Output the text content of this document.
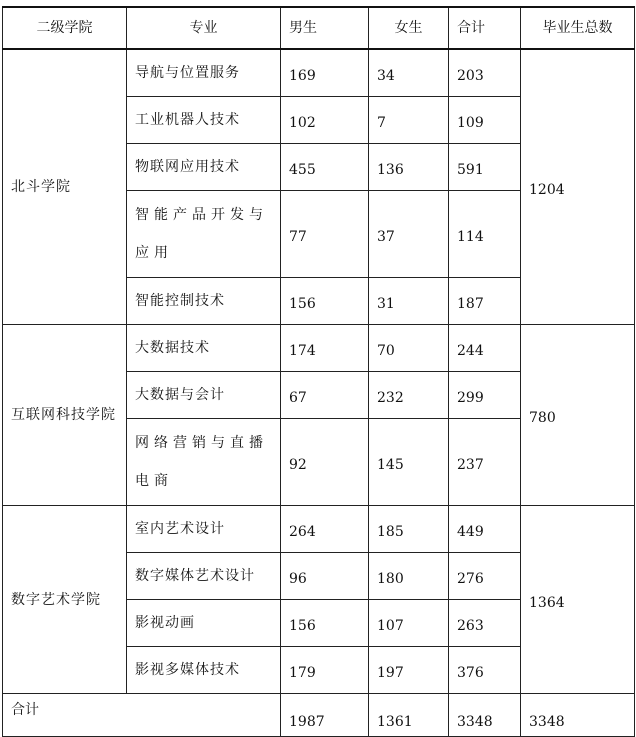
二级学院	专业	男生	女生	合计	毕业生总数
北斗学院	导航与位置服务	169	34	203	1204
	工业机器人技术	102	7	109	
	物联网应用技术	455	136	591	
	智能产品开发与应用	77	37	114	
	智能控制技术	156	31	187	

互联网科技学院	大数据技术	174	70	244	780
	大数据与会计	67	232	299	
	网络营销与直播电商	92	145	237	
数字艺术学院	室内艺术设计	264	185	449	1364
	数字媒体艺术设计	96	180	276	
	影视动画	156	107	263	
	影视多媒体技术	179	197	376	
合计		1987	1361	3348	3348
